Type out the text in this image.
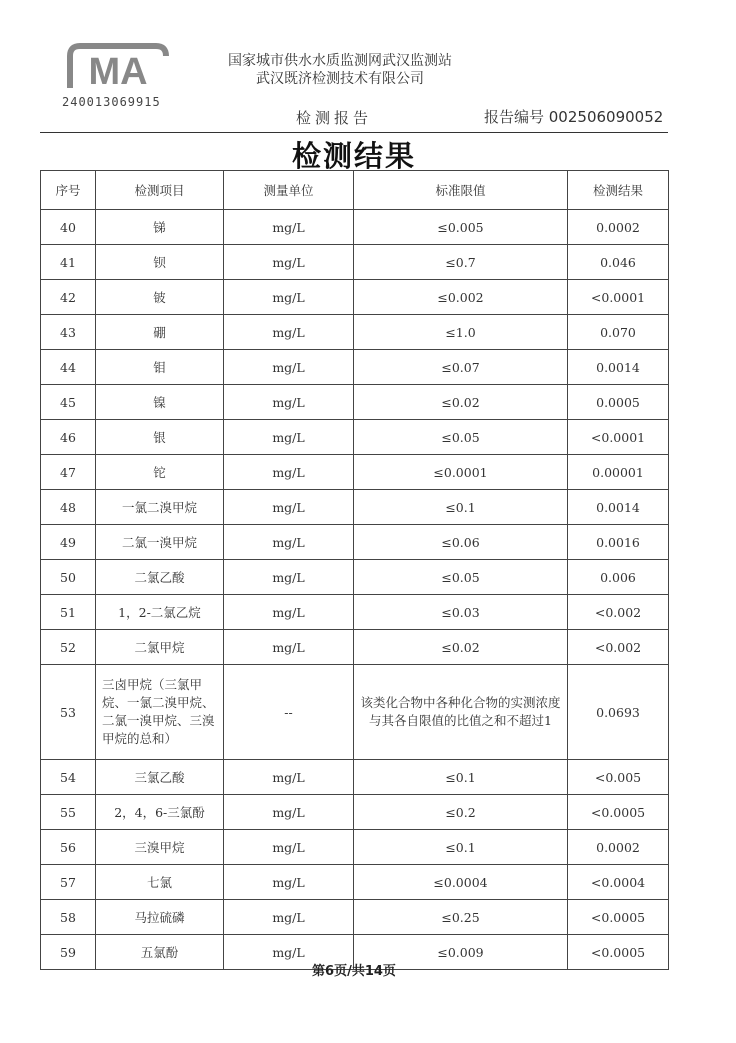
MA
240013069915
国家城市供水水质监测网武汉监测站
武汉既济检测技术有限公司
检测报告	报告编号 002506090052
检测结果
序号	检测项目	测量单位	标准限值	检测结果
40	锑	mg/L	≤0.005	0.0002
41	钡	mg/L	≤0.7	0.046
42	铍	mg/L	≤0.002	<0.0001
43	硼	mg/L	≤1.0	0.070
44	钼	mg/L	≤0.07	0.0014
45	镍	mg/L	≤0.02	0.0005
46	银	mg/L	≤0.05	<0.0001
47	铊	mg/L	≤0.0001	0.00001
48	一氯二溴甲烷	mg/L	≤0.1	0.0014
49	二氯一溴甲烷	mg/L	≤0.06	0.0016
50	二氯乙酸	mg/L	≤0.05	0.006
51	1，2-二氯乙烷	mg/L	≤0.03	<0.002
52	二氯甲烷	mg/L	≤0.02	<0.002
53	三卤甲烷（三氯甲烷、一氯二溴甲烷、二氯一溴甲烷、三溴甲烷的总和）	--	该类化合物中各种化合物的实测浓度与其各自限值的比值之和不超过1	0.0693
54	三氯乙酸	mg/L	≤0.1	<0.005
55	2，4，6-三氯酚	mg/L	≤0.2	<0.0005
56	三溴甲烷	mg/L	≤0.1	0.0002
57	七氯	mg/L	≤0.0004	<0.0004
58	马拉硫磷	mg/L	≤0.25	<0.0005
59	五氯酚	mg/L	≤0.009	<0.0005
第6页/共14页
